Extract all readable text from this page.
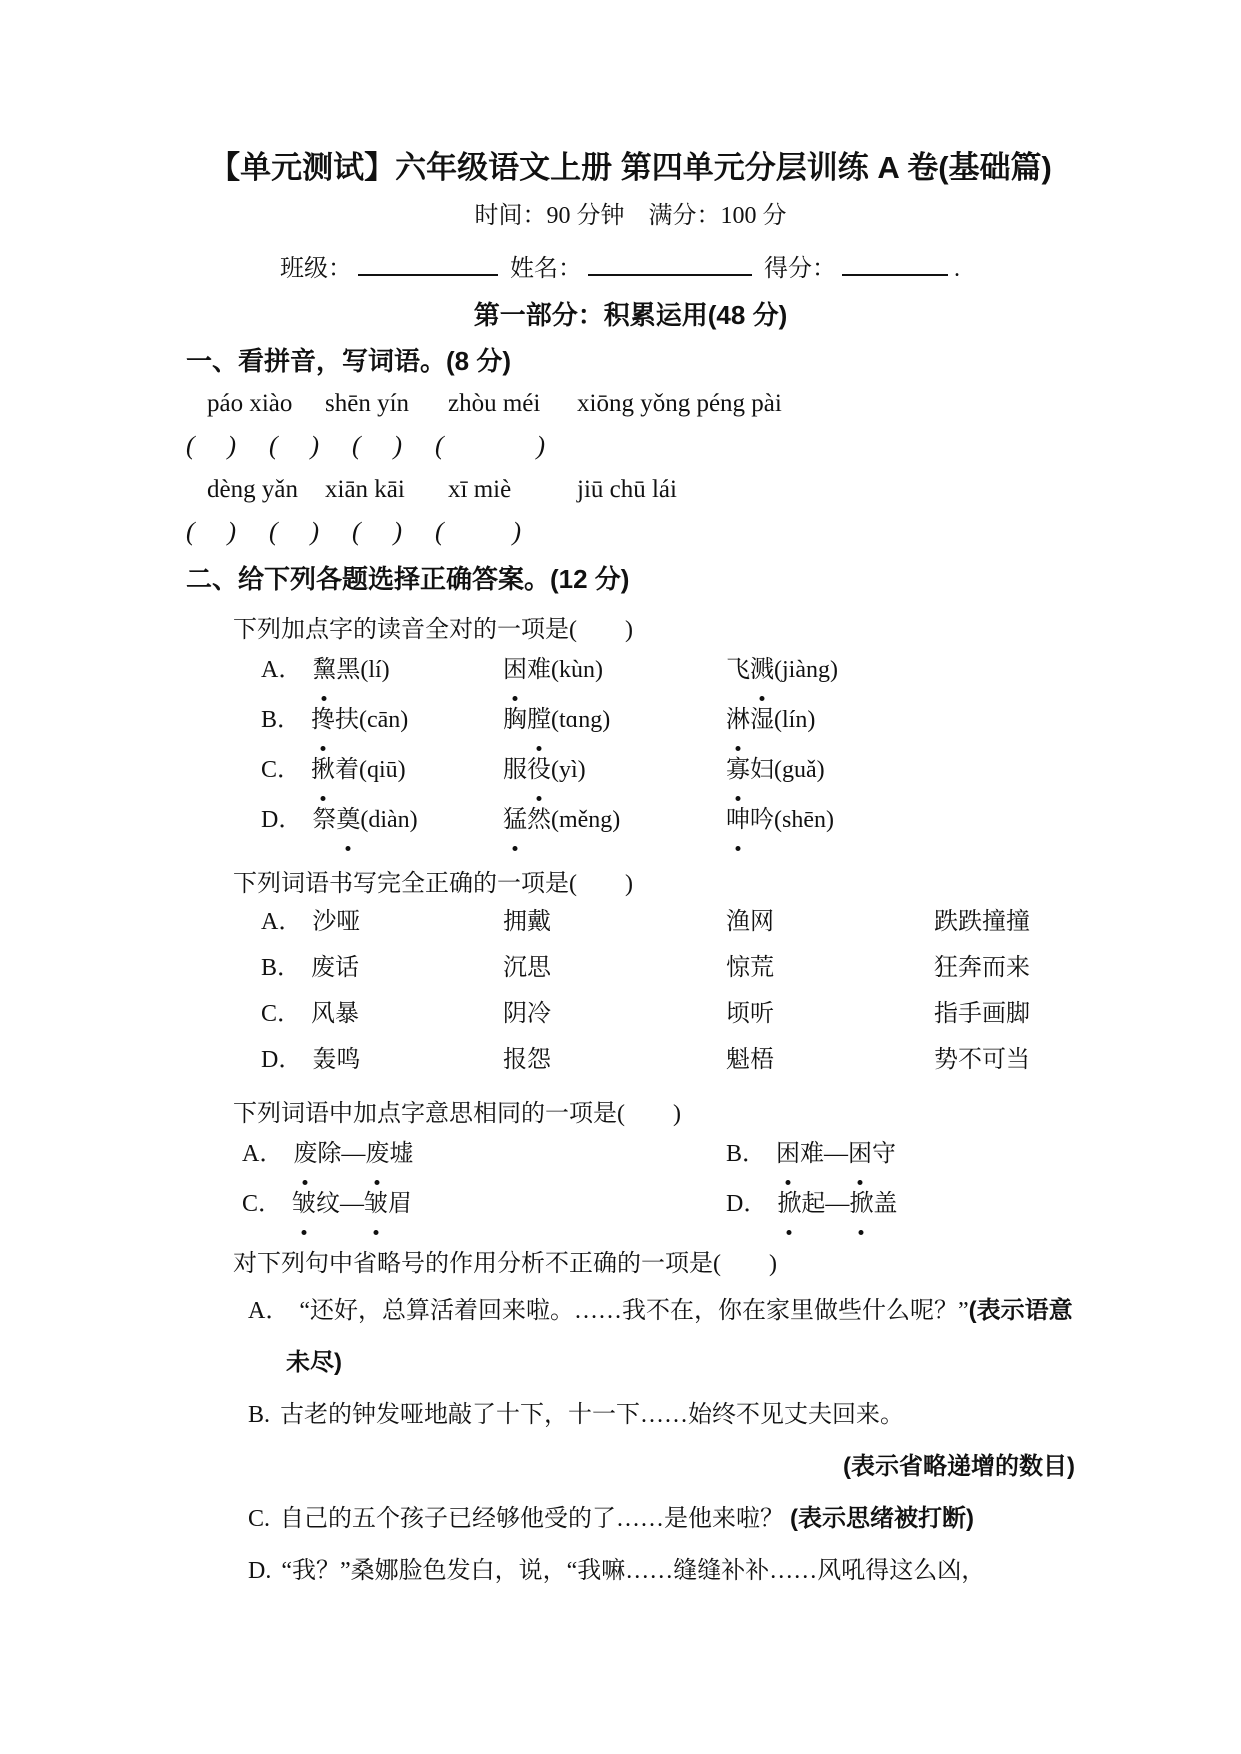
【单元测试】六年级语文上册 第四单元分层训练 A 卷(基础篇)
时间：90 分钟　满分：100 分
班级：	姓名：	得分：	.
第一部分：积累运用(48 分)
一、看拼音，写词语。(8 分)
páo xiào shēn yín zhòu méi xiōng yǒng péng pài
( ) ( ) ( ) (	)
dèng yǎn xiān kāi xī miè	jiū chū lái
( ) ( ) ( ) (	)
二、给下列各题选择正确答案。(12 分)
下列加点字的读音全对的一项是(　　)
A． 黧黑(lí)	困难(kùn)	飞溅(jiàng)
B． 搀扶(cān)	胸膛(tɑng)	淋湿(lín)
C． 揪着(qiū)	服役(yì)	寡妇(guǎ)
D． 祭奠(diàn)	猛然(měng)	呻吟(shēn)
下列词语书写完全正确的一项是(　　)
A． 沙哑	拥戴	渔网	跌跌撞撞
B． 废话	沉思	惊荒	狂奔而来
C． 风暴	阴冷	顷听	指手画脚
D． 轰鸣	报怨	魁梧	势不可当
下列词语中加点字意思相同的一项是(　　)
A． 废除—废墟	B． 困难—困守
C． 皱纹—皱眉	D． 掀起—掀盖
对下列句中省略号的作用分析不正确的一项是(　　)
A． “还好，总算活着回来啦。……我不在，你在家里做些什么呢？”(表示语意未尽)
B. 古老的钟发哑地敲了十下，十一下……始终不见丈夫回来。
(表示省略递增的数目)
C. 自己的五个孩子已经够他受的了……是他来啦？ (表示思绪被打断)
D. “我？”桑娜脸色发白，说，“我嘛……缝缝补补……风吼得这么凶，
